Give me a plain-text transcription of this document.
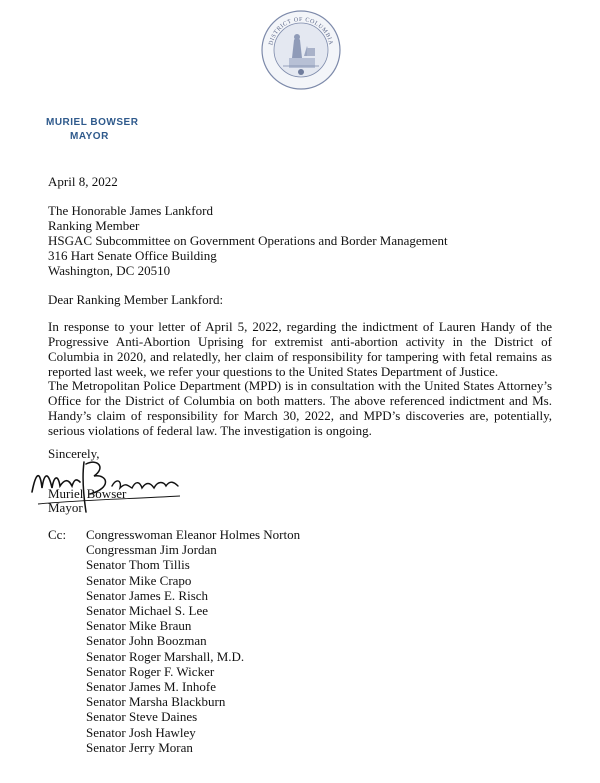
DISTRICT OF COLUMBIA
MURIEL BOWSER
MAYOR
April 8, 2022
The Honorable James Lankford
Ranking Member
HSGAC Subcommittee on Government Operations and Border Management
316 Hart Senate Office Building
Washington, DC 20510
Dear Ranking Member Lankford:
In response to your letter of April 5, 2022, regarding the indictment of Lauren Handy of the Progressive Anti-Abortion Uprising for extremist anti-abortion activity in the District of Columbia in 2020, and relatedly, her claim of responsibility for tampering with fetal remains as reported last week, we refer your questions to the United States Department of Justice.
The Metropolitan Police Department (MPD) is in consultation with the United States Attorney’s Office for the District of Columbia on both matters. The above referenced indictment and Ms. Handy’s claim of responsibility for March 30, 2022, and MPD’s discoveries are, potentially, serious violations of federal law. The investigation is ongoing.
Sincerely,
Muriel Bowser
Mayor
Cc: Congresswoman Eleanor Holmes Norton
Congressman Jim Jordan
Senator Thom Tillis
Senator Mike Crapo
Senator James E. Risch
Senator Michael S. Lee
Senator Mike Braun
Senator John Boozman
Senator Roger Marshall, M.D.
Senator Roger F. Wicker
Senator James M. Inhofe
Senator Marsha Blackburn
Senator Steve Daines
Senator Josh Hawley
Senator Jerry Moran
